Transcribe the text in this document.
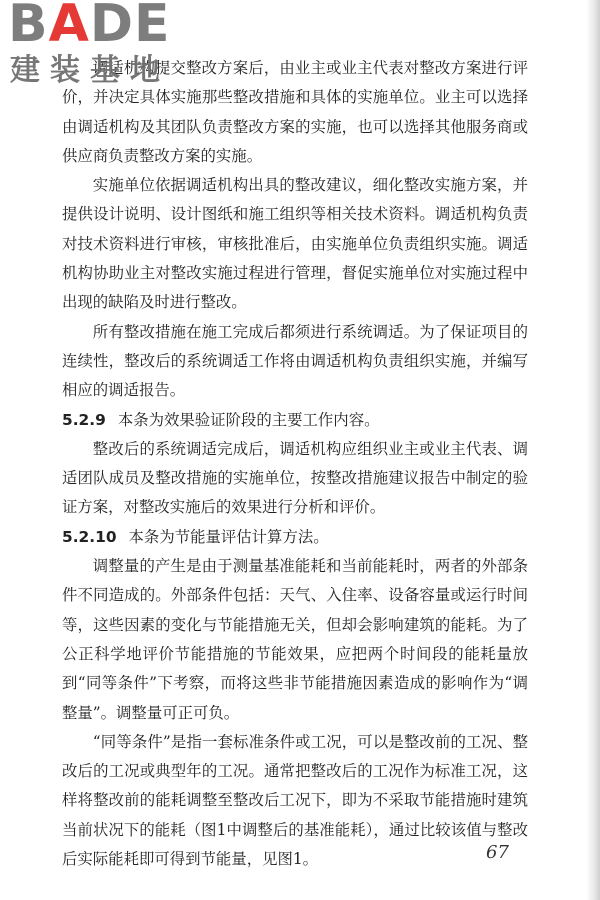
BADE
建装基地

调适机构提交整改方案后，由业主或业主代表对整改方案进行评价，并决定具体实施那些整改措施和具体的实施单位。业主可以选择由调适机构及其团队负责整改方案的实施，也可以选择其他服务商或供应商负责整改方案的实施。

实施单位依据调适机构出具的整改建议，细化整改实施方案，并提供设计说明、设计图纸和施工组织等相关技术资料。调适机构负责对技术资料进行审核，审核批准后，由实施单位负责组织实施。调适机构协助业主对整改实施过程进行管理，督促实施单位对实施过程中出现的缺陷及时进行整改。

所有整改措施在施工完成后都须进行系统调适。为了保证项目的连续性，整改后的系统调适工作将由调适机构负责组织实施，并编写相应的调适报告。

5.2.9 本条为效果验证阶段的主要工作内容。

整改后的系统调适完成后，调适机构应组织业主或业主代表、调适团队成员及整改措施的实施单位，按整改措施建议报告中制定的验证方案，对整改实施后的效果进行分析和评价。

5.2.10 本条为节能量评估计算方法。

调整量的产生是由于测量基准能耗和当前能耗时，两者的外部条件不同造成的。外部条件包括：天气、入住率、设备容量或运行时间等，这些因素的变化与节能措施无关，但却会影响建筑的能耗。为了公正科学地评价节能措施的节能效果，应把两个时间段的能耗量放到“同等条件”下考察，而将这些非节能措施因素造成的影响作为“调整量”。调整量可正可负。

“同等条件”是指一套标准条件或工况，可以是整改前的工况、整改后的工况或典型年的工况。通常把整改后的工况作为标准工况，这样将整改前的能耗调整至整改后工况下，即为不采取节能措施时建筑当前状况下的能耗（图1中调整后的基准能耗），通过比较该值与整改后实际能耗即可得到节能量，见图1。	67
